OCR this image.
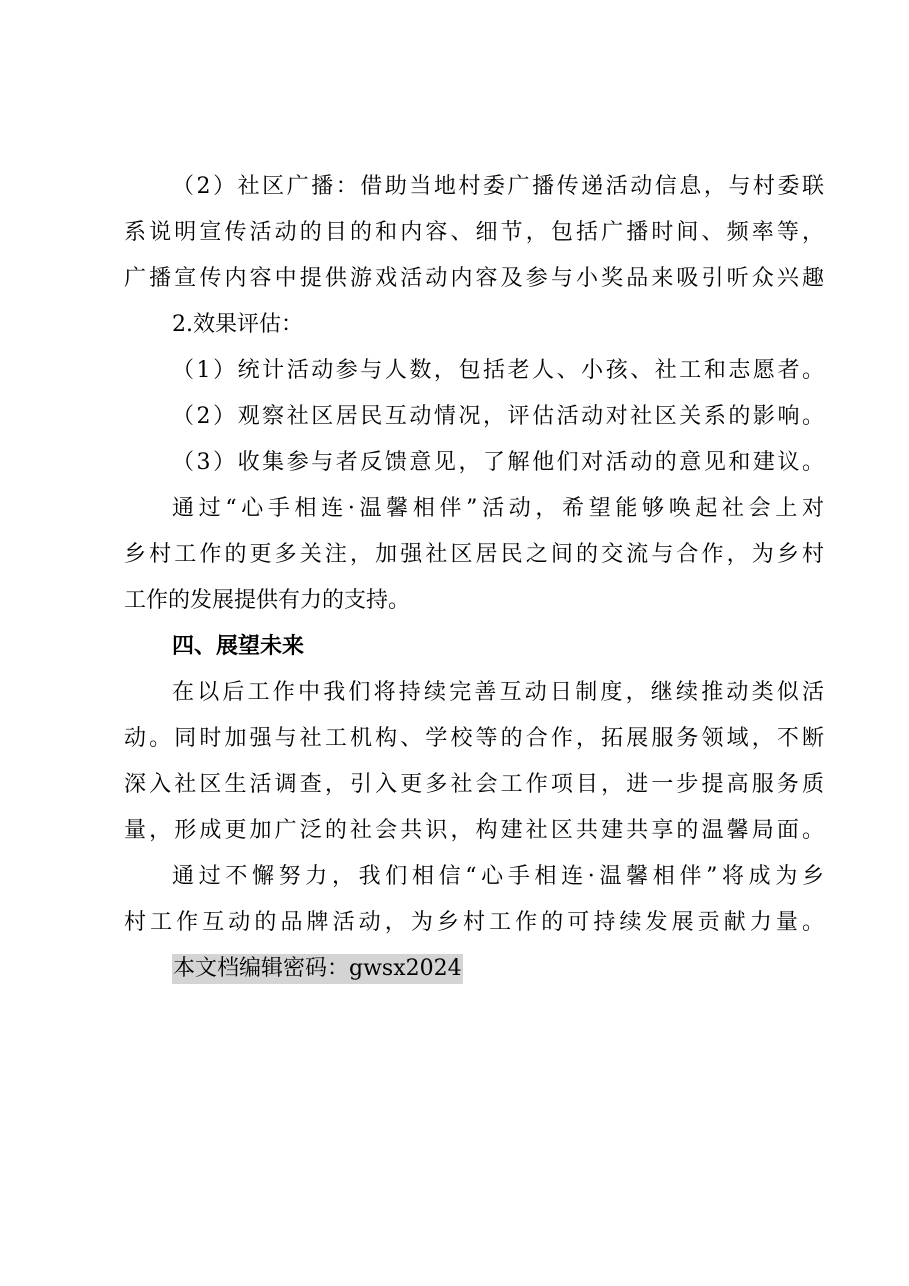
（2）社区广播：借助当地村委广播传递活动信息，与村委联
系说明宣传活动的目的和内容、细节，包括广播时间、频率等，
广播宣传内容中提供游戏活动内容及参与小奖品来吸引听众兴趣
2.效果评估：
（1）统计活动参与人数，包括老人、小孩、社工和志愿者。
（2）观察社区居民互动情况，评估活动对社区关系的影响。
（3）收集参与者反馈意见，了解他们对活动的意见和建议。
通过“心手相连·温馨相伴”活动，希望能够唤起社会上对
乡村工作的更多关注，加强社区居民之间的交流与合作，为乡村
工作的发展提供有力的支持。
四、展望未来
在以后工作中我们将持续完善互动日制度，继续推动类似活
动。同时加强与社工机构、学校等的合作，拓展服务领域，不断
深入社区生活调查，引入更多社会工作项目，进一步提高服务质
量，形成更加广泛的社会共识，构建社区共建共享的温馨局面。
通过不懈努力，我们相信“心手相连·温馨相伴”将成为乡
村工作互动的品牌活动，为乡村工作的可持续发展贡献力量。
本文档编辑密码：gwsx2024
